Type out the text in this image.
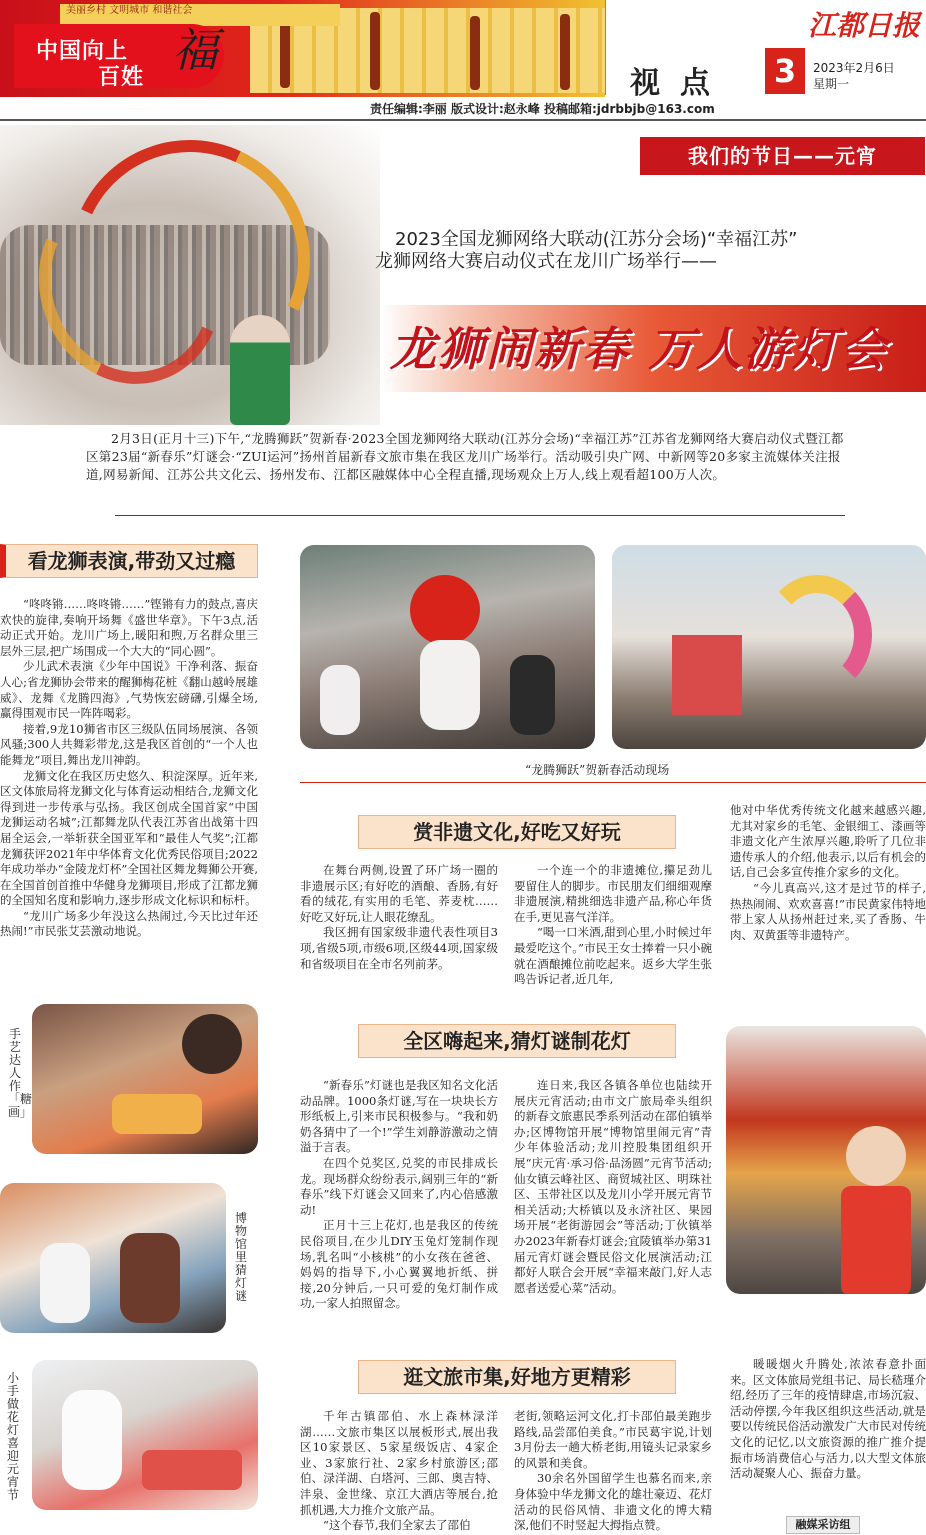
美丽乡村 文明城市 和谐社会
中国向上
百姓
福
视点 3
江都日报
2023年2月6日
星期一
责任编辑:李丽 版式设计:赵永峰 投稿邮箱:jdrbbjb@163.com
我们的节日——元宵
2023全国龙狮网络大联动(江苏分会场)“幸福江苏”
龙狮网络大赛启动仪式在龙川广场举行——
龙狮闹新春 万人游灯会

2月3日(正月十三)下午,“龙腾狮跃”贺新春·2023全国龙狮网络大联动(江苏分会场)“幸福江苏”江苏省龙狮网络大赛启动仪式暨江都区第23届“新春乐”灯谜会·“ZUI运河”扬州首届新春文旅市集在我区龙川广场举行。活动吸引央广网、中新网等20多家主流媒体关注报道,网易新闻、江苏公共文化云、扬州发布、江都区融媒体中心全程直播,现场观众上万人,线上观看超100万人次。

看龙狮表演,带劲又过瘾

“咚咚锵……咚咚锵……”铿锵有力的鼓点,喜庆欢快的旋律,奏响开场舞《盛世华章》。下午3点,活动正式开始。龙川广场上,暖阳和煦,万名群众里三层外三层,把广场围成一个大大的“同心圆”。

少儿武术表演《少年中国说》干净利落、振奋人心;省龙狮协会带来的醒狮梅花桩《翻山越岭展雄威》、龙舞《龙腾四海》,气势恢宏磅礴,引爆全场,赢得围观市民一阵阵喝彩。

接着,9龙10狮省市区三级队伍同场展演、各领风骚;300人共舞彩带龙,这是我区首创的“一个人也能舞龙”项目,舞出龙川神韵。

龙狮文化在我区历史悠久、积淀深厚。近年来,区文体旅局将龙狮文化与体育运动相结合,龙狮文化得到进一步传承与弘扬。我区创成全国首家“中国龙狮运动名城”;江都舞龙队代表江苏省出战第十四届全运会,一举斩获全国亚军和“最佳人气奖”;江都龙狮获评2021年中华体育文化优秀民俗项目;2022年成功举办“金陵龙灯杯”全国社区舞龙舞狮公开赛,在全国首创首推中华健身龙狮项目,形成了江都龙狮的全国知名度和影响力,逐步形成文化标识和标杆。

“龙川广场多少年没这么热闹过,今天比过年还热闹!”市民张艾芸激动地说。

“龙腾狮跃”贺新春活动现场
赏非遗文化,好吃又好玩

在舞台两侧,设置了环广场一圈的非遗展示区;有好吃的酒酿、香肠,有好看的绒花,有实用的毛笔、荞麦枕……好吃又好玩,让人眼花缭乱。

我区拥有国家级非遗代表性项目3项,省级5项,市级6项,区级44项,国家级和省级项目在全市名列前茅。

一个连一个的非遗摊位,攥足劲儿要留住人的脚步。市民朋友们细细观摩非遗展演,精挑细选非遗产品,称心年货在手,更见喜气洋洋。

“喝一口米酒,甜到心里,小时候过年最爱吃这个。”市民王女士捧着一只小碗就在酒酿摊位前吃起来。返乡大学生张鸣告诉记者,近几年,

他对中华优秀传统文化越来越感兴趣,尤其对家乡的毛笔、金银细工、漆画等非遗文化产生浓厚兴趣,聆听了几位非遗传承人的介绍,他表示,以后有机会的话,自己会多宣传推介家乡的文化。

“今儿真高兴,这才是过节的样子,热热闹闹、欢欢喜喜!”市民黄家伟特地带上家人从扬州赶过来,买了香肠、牛肉、双黄蛋等非遗特产。

手艺达人作「糖画」
博物馆里猜灯谜
小手做花灯 喜迎元宵节
全区嗨起来,猜灯谜制花灯

“新春乐”灯谜也是我区知名文化活动品牌。1000条灯谜,写在一块块长方形纸板上,引来市民积极参与。“我和奶奶各猜中了一个!”学生刘静游激动之情溢于言表。

在四个兑奖区,兑奖的市民排成长龙。现场群众纷纷表示,阔别三年的“新春乐”线下灯谜会又回来了,内心倍感激动!

正月十三上花灯,也是我区的传统民俗项目,在少儿DIY玉兔灯笼制作现场,乳名叫“小核桃”的小女孩在爸爸、妈妈的指导下,小心翼翼地折纸、拼接,20分钟后,一只可爱的兔灯制作成功,一家人拍照留念。

连日来,我区各镇各单位也陆续开展庆元宵活动;由市文广旅局牵头组织的新春文旅惠民季系列活动在邵伯镇举办;区博物馆开展“博物馆里闹元宵”青少年体验活动;龙川控股集团组织开展“庆元宵·承习俗·品汤圆”元宵节活动;仙女镇云峰社区、商贸城社区、明珠社区、玉带社区以及龙川小学开展元宵节相关活动;大桥镇以及永济社区、果园场开展“老街游园会”等活动;丁伙镇举办2023年新春灯谜会;宜陵镇举办第31届元宵灯谜会暨民俗文化展演活动;江都好人联合会开展“幸福来敲门,好人志愿者送爱心菜”活动。

逛文旅市集,好地方更精彩

千年古镇邵伯、水上森林渌洋湖……文旅市集区以展板形式,展出我区10家景区、5家星级饭店、4家企业、3家旅行社、2家乡村旅游区;邵伯、渌洋湖、白塔河、三郎、奥吉特、沣泉、金世缘、京江大酒店等展台,抢抓机遇,大力推介文旅产品。

“这个春节,我们全家去了邵伯

老街,领略运河文化,打卡邵伯最美跑步路线,品尝邵伯美食。”市民葛宇说,计划3月份去一趟大桥老街,用镜头记录家乡的风景和美食。

30余名外国留学生也慕名而来,亲身体验中华龙狮文化的雄壮豪迈、花灯活动的民俗风情、非遗文化的博大精深,他们不时竖起大拇指点赞。

暖暖烟火升腾处,浓浓春意扑面来。区文体旅局党组书记、局长嵇瑾介绍,经历了三年的疫情肆虐,市场沉寂、活动停摆,今年我区组织这些活动,就是要以传统民俗活动激发广大市民对传统文化的记忆,以文旅资源的推广推介提振市场消费信心与活力,以大型文体旅活动凝聚人心、振奋力量。

融媒采访组
